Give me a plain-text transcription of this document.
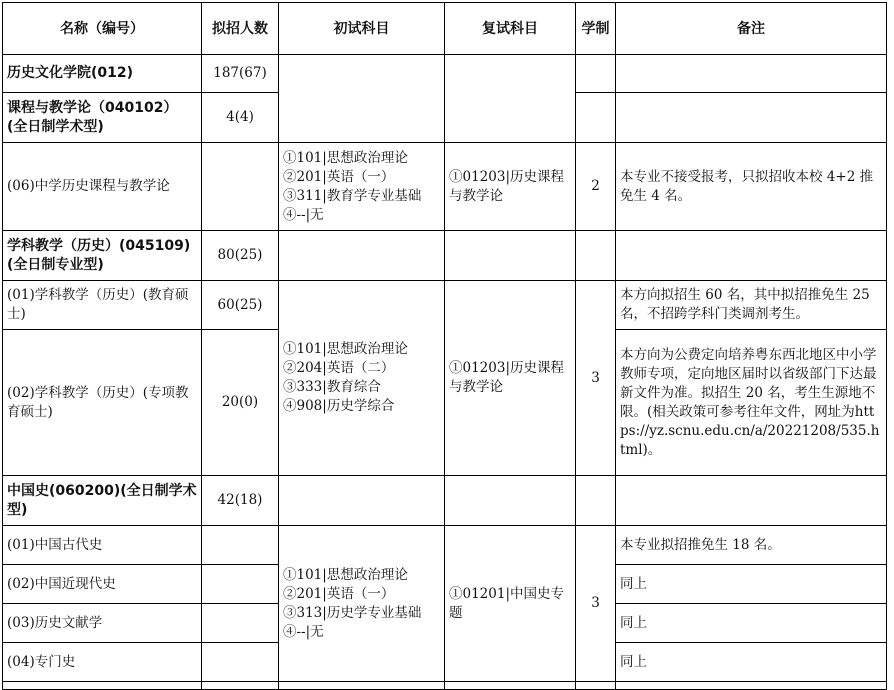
名称（编号）	拟招人数	初试科目	复试科目	学制	备注
历史文化学院(012)	187(67)				
课程与教学论（040102）(全日制学术型)	4(4)				
(06)中学历史课程与教学论		①101|思想政治理论
②201|英语（一）
③311|教育学专业基础
④--|无	①01203|历史课程与教学论	2	本专业不接受报考，只拟招收本校 4+2 推免生 4 名。
学科教学（历史）(045109)(全日制专业型)	80(25)				
(01)学科教学（历史）(教育硕士)	60(25)	①101|思想政治理论
②204|英语（二）
③333|教育综合
④908|历史学综合	①01203|历史课程与教学论	3	本方向拟招生 60 名，其中拟招推免生 25 名，不招跨学科门类调剂考生。
(02)学科教学（历史）(专项教育硕士)	20(0)				本方向为公费定向培养粤东西北地区中小学教师专项，定向地区届时以省级部门下达最新文件为准。拟招生 20 名，考生生源地不限。(相关政策可参考往年文件，网址为https://yz.scnu.edu.cn/a/20221208/535.html)。
中国史(060200)(全日制学术型)	42(18)				
(01)中国古代史		①101|思想政治理论
②201|英语（一）
③313|历史学专业基础
④--|无	①01201|中国史专题	3	本专业拟招推免生 18 名。
(02)中国近现代史					同上
(03)历史文献学					同上
(04)专门史					同上
